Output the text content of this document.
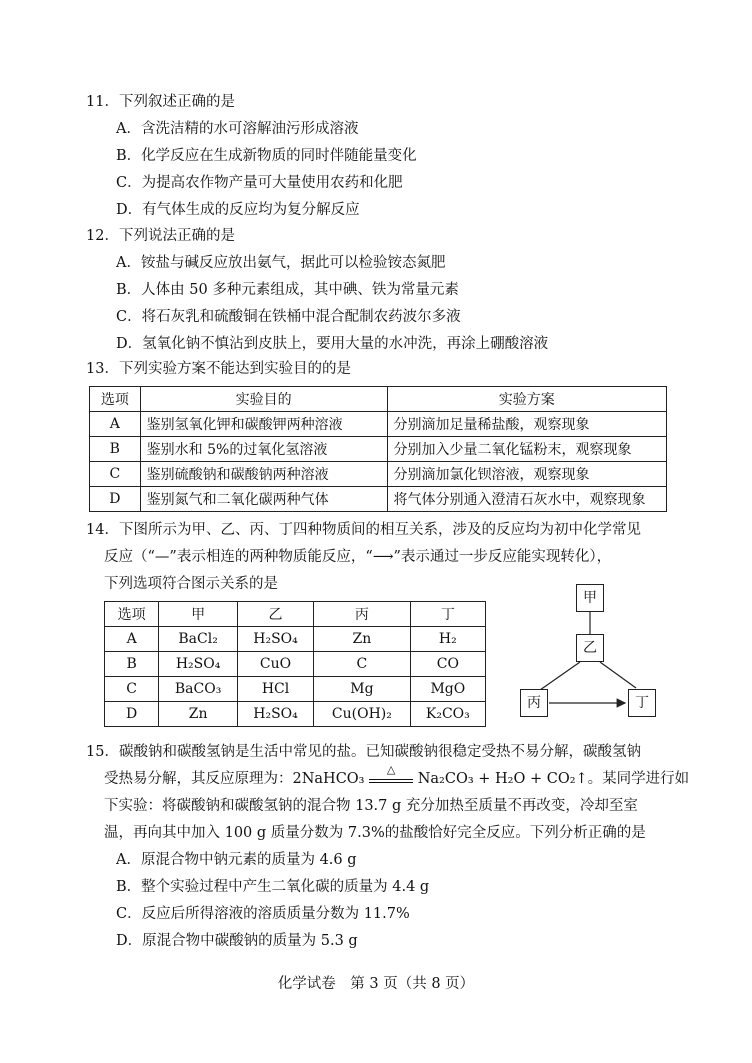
11．下列叙述正确的是
A．含洗洁精的水可溶解油污形成溶液
B．化学反应在生成新物质的同时伴随能量变化
C．为提高农作物产量可大量使用农药和化肥
D．有气体生成的反应均为复分解反应
12．下列说法正确的是
A．铵盐与碱反应放出氨气，据此可以检验铵态氮肥
B．人体由 50 多种元素组成，其中碘、铁为常量元素
C．将石灰乳和硫酸铜在铁桶中混合配制农药波尔多液
D．氢氧化钠不慎沾到皮肤上，要用大量的水冲洗，再涂上硼酸溶液
13．下列实验方案不能达到实验目的的是
选项	实验目的	实验方案
A	鉴别氢氧化钾和碳酸钾两种溶液	分别滴加足量稀盐酸，观察现象
B	鉴别水和 5%的过氧化氢溶液	分别加入少量二氧化锰粉末，观察现象
C	鉴别硫酸钠和碳酸钠两种溶液	分别滴加氯化钡溶液，观察现象
D	鉴别氮气和二氧化碳两种气体	将气体分别通入澄清石灰水中，观察现象
14．下图所示为甲、乙、丙、丁四种物质间的相互关系，涉及的反应均为初中化学常见
反应（“—”表示相连的两种物质能反应，“⟶”表示通过一步反应能实现转化），
下列选项符合图示关系的是
选项	甲	乙	丙	丁
A	BaCl₂	H₂SO₄	Zn	H₂
B	H₂SO₄	CuO	C	CO
C	BaCO₃	HCl	Mg	MgO
D	Zn	H₂SO₄	Cu(OH)₂	K₂CO₃
甲
乙
丙	丁
15．碳酸钠和碳酸氢钠是生活中常见的盐。已知碳酸钠很稳定受热不易分解，碳酸氢钠
受热易分解，其反应原理为：2NaHCO₃
△
Na₂CO₃ + H₂O + CO₂↑。某同学进行如
下实验：将碳酸钠和碳酸氢钠的混合物 13.7 g 充分加热至质量不再改变，冷却至室
温，再向其中加入 100 g 质量分数为 7.3%的盐酸恰好完全反应。下列分析正确的是
A．原混合物中钠元素的质量为 4.6 g
B．整个实验过程中产生二氧化碳的质量为 4.4 g
C．反应后所得溶液的溶质质量分数为 11.7%
D．原混合物中碳酸钠的质量为 5.3 g
化学试卷　第 3 页（共 8 页）
